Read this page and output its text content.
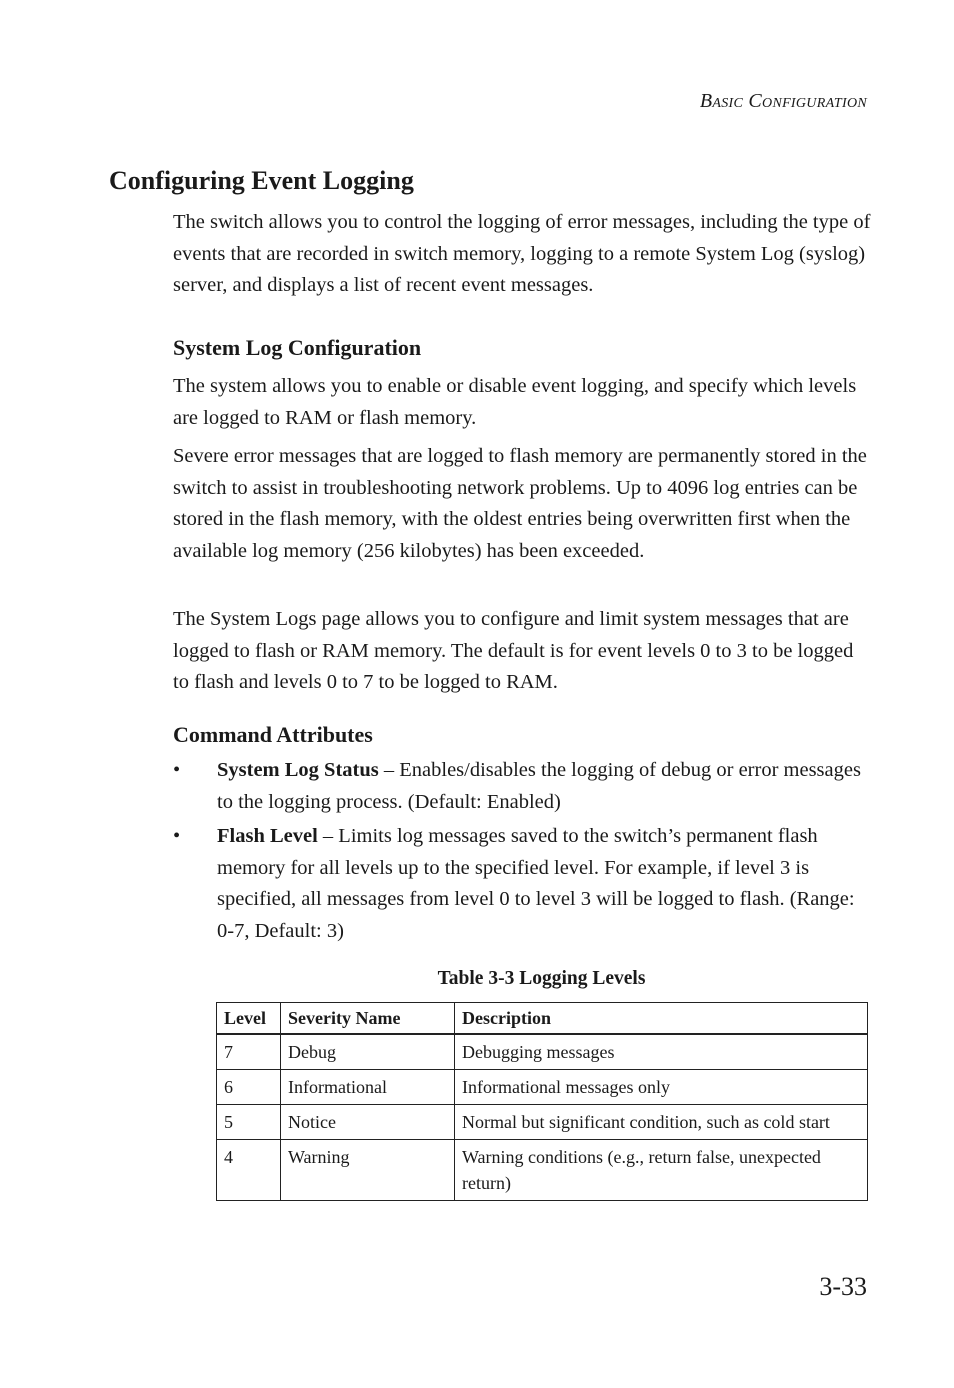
Basic Configuration

Configuring Event Logging

The switch allows you to control the logging of error messages, including the type of events that are recorded in switch memory, logging to a remote System Log (syslog) server, and displays a list of recent event messages.

System Log Configuration

The system allows you to enable or disable event logging, and specify which levels are logged to RAM or flash memory.

Severe error messages that are logged to flash memory are permanently stored in the switch to assist in troubleshooting network problems. Up to 4096 log entries can be stored in the flash memory, with the oldest entries being overwritten first when the available log memory (256 kilobytes) has been exceeded.

The System Logs page allows you to configure and limit system messages that are logged to flash or RAM memory. The default is for event levels 0 to 3 to be logged to flash and levels 0 to 7 to be logged to RAM.

Command Attributes
• System Log Status – Enables/disables the logging of debug or error messages to the logging process. (Default: Enabled)
• Flash Level – Limits log messages saved to the switch’s permanent flash memory for all levels up to the specified level. For example, if level 3 is specified, all messages from level 0 to level 3 will be logged to flash. (Range: 0-7, Default: 3)

Table 3-3 Logging Levels

Level	Severity Name	Description
7	Debug	Debugging messages
6	Informational	Informational messages only
5	Notice	Normal but significant condition, such as cold start
4	Warning	Warning conditions (e.g., return false, unexpected return)

3-33
